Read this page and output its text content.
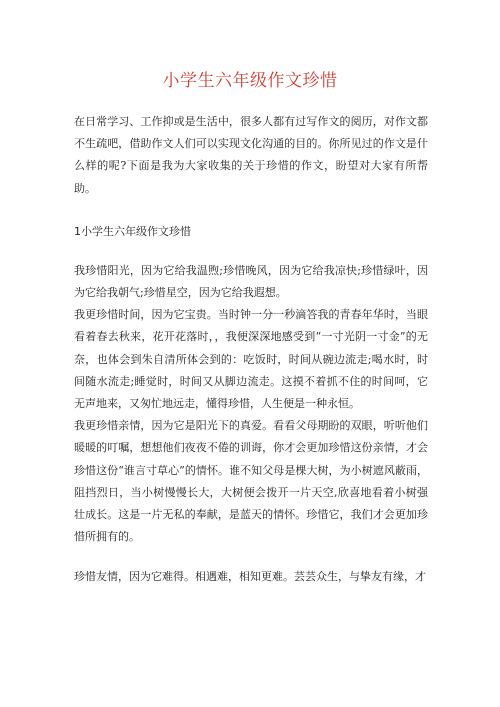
小学生六年级作文珍惜

在日常学习、工作抑或是生活中，很多人都有过写作文的阅历，对作文都不生疏吧，借助作文人们可以实现文化沟通的目的。你所见过的作文是什么样的呢?下面是我为大家收集的关于珍惜的作文，盼望对大家有所帮助。

1小学生六年级作文珍惜

我珍惜阳光，因为它给我温煦;珍惜晚风，因为它给我凉快;珍惜绿叶，因为它给我朝气;珍惜星空，因为它给我遐想。

我更珍惜时间，因为它宝贵。当时钟一分一秒滴答我的青春年华时，当眼看着春去秋来，花开花落时，，我便深深地感受到“一寸光阴一寸金”的无奈，也体会到朱自清所体会到的：吃饭时，时间从碗边流走;喝水时，时间随水流走;睡觉时，时间又从脚边流走。这摸不着抓不住的时间呵，它无声地来，又匆忙地远走，懂得珍惜，人生便是一种永恒。

我更珍惜亲情，因为它是阳光下的真爱。看看父母期盼的双眼，听听他们暖暖的叮嘱，想想他们夜夜不倦的训诲，你才会更加珍惜这份亲情，才会珍惜这份“谁言寸草心”的情怀。谁不知父母是棵大树，为小树遮风蔽雨，阻挡烈日，当小树慢慢长大，大树便会拨开一片天空,欣喜地看着小树强壮成长。这是一片无私的奉献，是蓝天的情怀。珍惜它，我们才会更加珍惜所拥有的。

珍惜友情，因为它难得。相遇难，相知更难。芸芸众生，与挚友有缘，才
